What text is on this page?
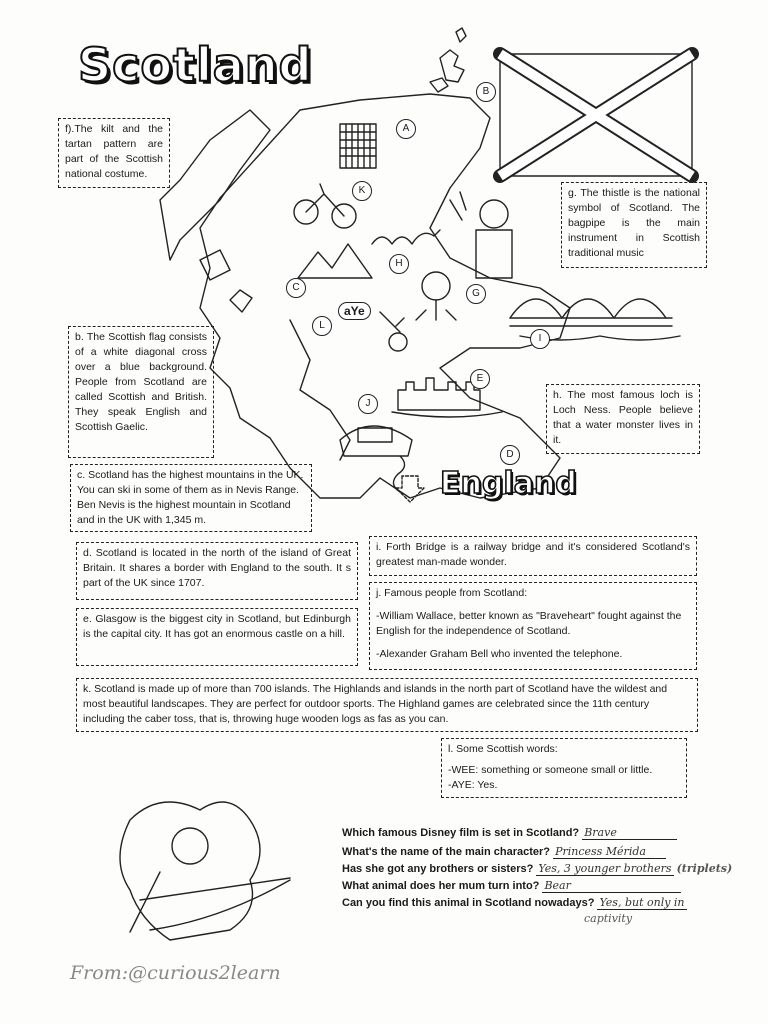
Scotland
A
B
C
D
E
G
H
I
J
K
L
aYe
England

f).The kilt and the tartan pattern are part of the Scottish national costume.

g. The thistle is the national symbol of Scotland. The bagpipe is the main instrument in Scottish traditional music

b. The Scottish flag consists of a white diagonal cross over a blue background. People from Scotland are called Scottish and British. They speak English and Scottish Gaelic.

h. The most famous loch is Loch Ness. People believe that a water monster lives in it.

c. Scotland has the highest mountains in the UK. You can ski in some of them as in Nevis Range. Ben Nevis is the highest mountain in Scotland and in the UK with 1,345 m.

d. Scotland is located in the north of the island of Great Britain. It shares a border with England to the south. It s part of the UK since 1707.

i. Forth Bridge is a railway bridge and it's considered Scotland's greatest man-made wonder.

j. Famous people from Scotland:

-William Wallace, better known as "Braveheart" fought against the English for the independence of Scotland.

-Alexander Graham Bell who invented the telephone.

e. Glasgow is the biggest city in Scotland, but Edinburgh is the capital city. It has got an enormous castle on a hill.

k. Scotland is made up of more than 700 islands. The Highlands and islands in the north part of Scotland have the wildest and most beautiful landscapes. They are perfect for outdoor sports. The Highland games are celebrated since the 11th century including the caber toss, that is, throwing huge wooden logs as fas as you can.

l. Some Scottish words:

-WEE: something or someone small or little.

-AYE: Yes.

Which famous Disney film is set in Scotland? Brave
What's the name of the main character? Princess Mérida
Has she got any brothers or sisters? Yes, 3 younger brothers (triplets)
What animal does her mum turn into? Bear
Can you find this animal in Scotland nowadays? Yes, but only in
captivity
From:@curious2learn
